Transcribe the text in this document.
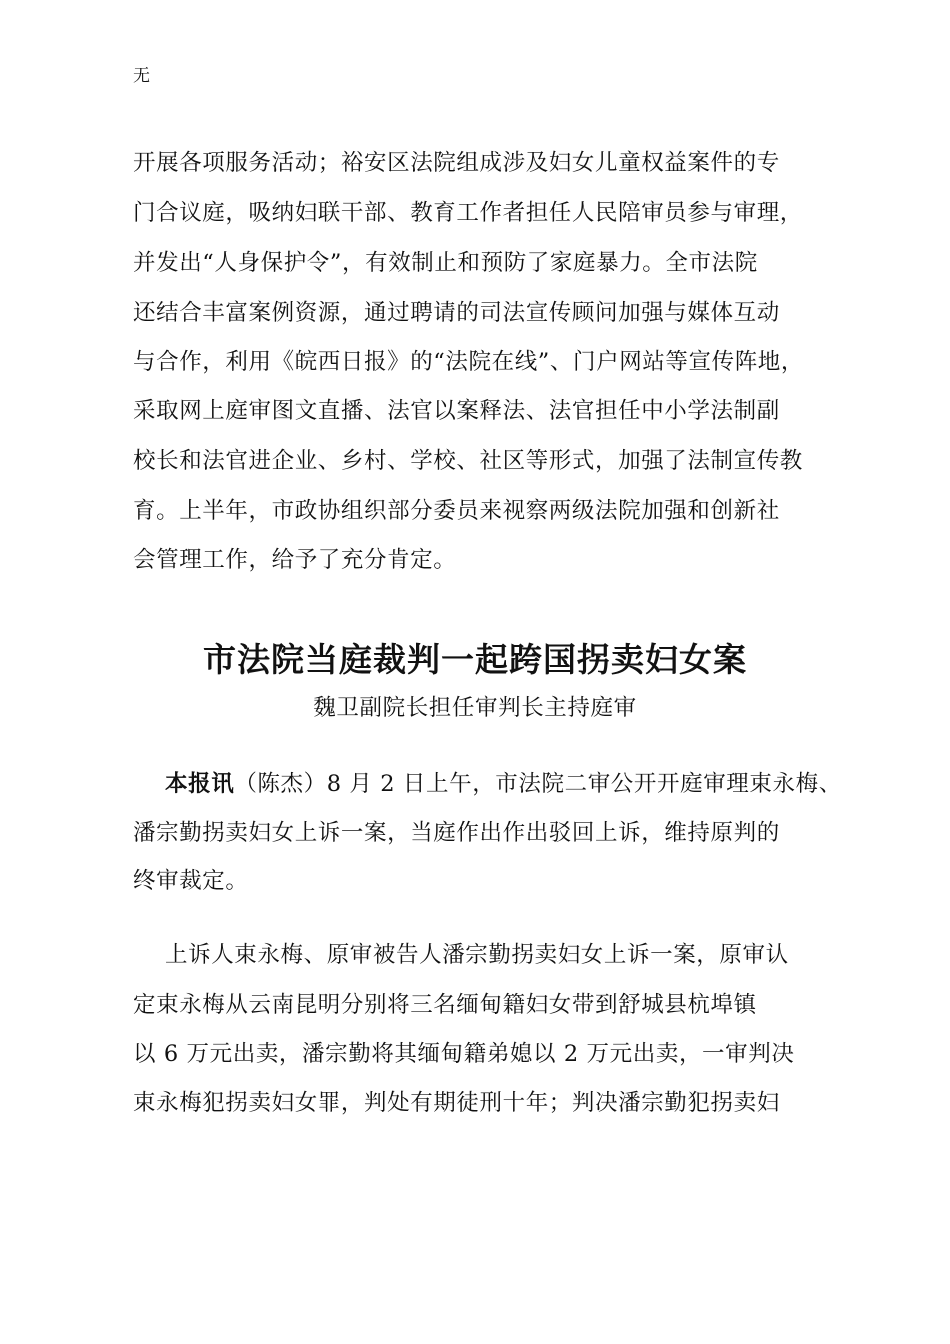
无
开展各项服务活动；裕安区法院组成涉及妇女儿童权益案件的专
门合议庭，吸纳妇联干部、教育工作者担任人民陪审员参与审理，
并发出“人身保护令”，有效制止和预防了家庭暴力。全市法院
还结合丰富案例资源，通过聘请的司法宣传顾问加强与媒体互动
与合作，利用《皖西日报》的“法院在线”、门户网站等宣传阵地，
采取网上庭审图文直播、法官以案释法、法官担任中小学法制副
校长和法官进企业、乡村、学校、社区等形式，加强了法制宣传教
育。上半年，市政协组织部分委员来视察两级法院加强和创新社
会管理工作，给予了充分肯定。
市法院当庭裁判一起跨国拐卖妇女案
魏卫副院长担任审判长主持庭审
本报讯（陈杰）8 月 2 日上午，市法院二审公开开庭审理束永梅、
潘宗勤拐卖妇女上诉一案，当庭作出作出驳回上诉，维持原判的
终审裁定。
上诉人束永梅、原审被告人潘宗勤拐卖妇女上诉一案，原审认
定束永梅从云南昆明分别将三名缅甸籍妇女带到舒城县杭埠镇
以 6 万元出卖，潘宗勤将其缅甸籍弟媳以 2 万元出卖，一审判决
束永梅犯拐卖妇女罪，判处有期徒刑十年；判决潘宗勤犯拐卖妇
